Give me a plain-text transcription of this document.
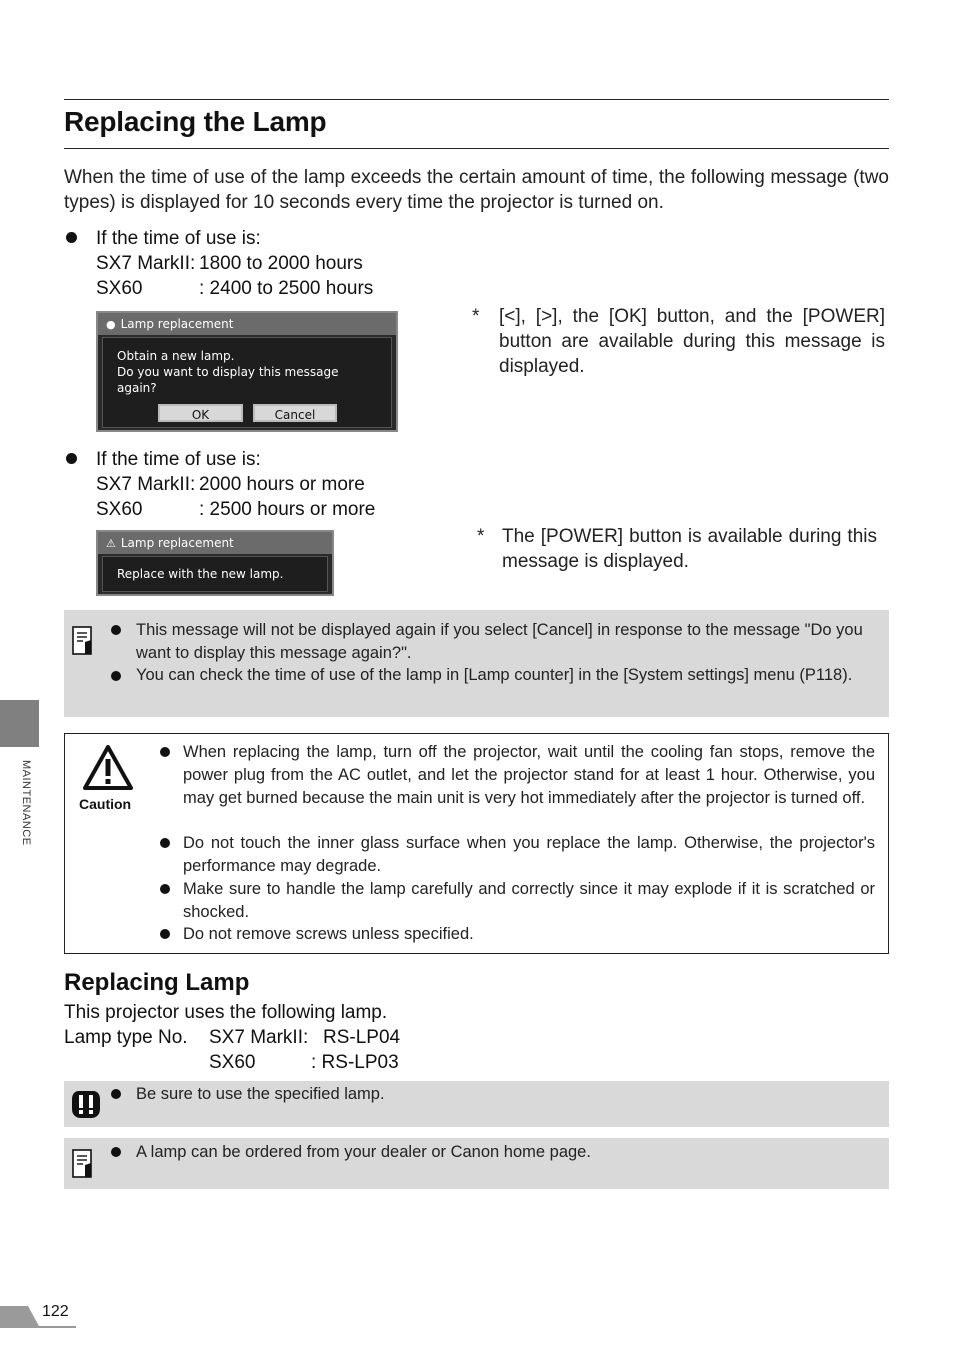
Replacing the Lamp
When the time of use of the lamp exceeds the certain amount of time, the following message (two types) is displayed for 10 seconds every time the projector is turned on.
If the time of use is:
SX7 MarkII: 1800 to 2000 hours
SX60	: 2400 to 2500 hours
● Lamp replacement
Obtain a new lamp.
Do you want to display this message again?
OK	Cancel
* [<], [>], the [OK] button, and the [POWER] button are available during this message is displayed.
If the time of use is:
SX7 MarkII: 2000 hours or more
SX60	: 2500 hours or more
⚠ Lamp replacement
Replace with the new lamp.
* The [POWER] button is available during this message is displayed.
This message will not be displayed again if you select [Cancel] in response to the message "Do you want to display this message again?".
You can check the time of use of the lamp in [Lamp counter] in the [System settings] menu (P118).
MAINTENANCE	Caution
When replacing the lamp, turn off the projector, wait until the cooling fan stops, remove the power plug from the AC outlet, and let the projector stand for at least 1 hour. Otherwise, you may get burned because the main unit is very hot immediately after the projector is turned off.
Do not touch the inner glass surface when you replace the lamp. Otherwise, the projector's performance may degrade.
Make sure to handle the lamp carefully and correctly since it may explode if it is scratched or shocked.
Do not remove screws unless specified.
Replacing Lamp
This projector uses the following lamp.
Lamp type No. SX7 MarkII: RS-LP04
SX60	: RS-LP03
Be sure to use the specified lamp.
A lamp can be ordered from your dealer or Canon home page.
122
